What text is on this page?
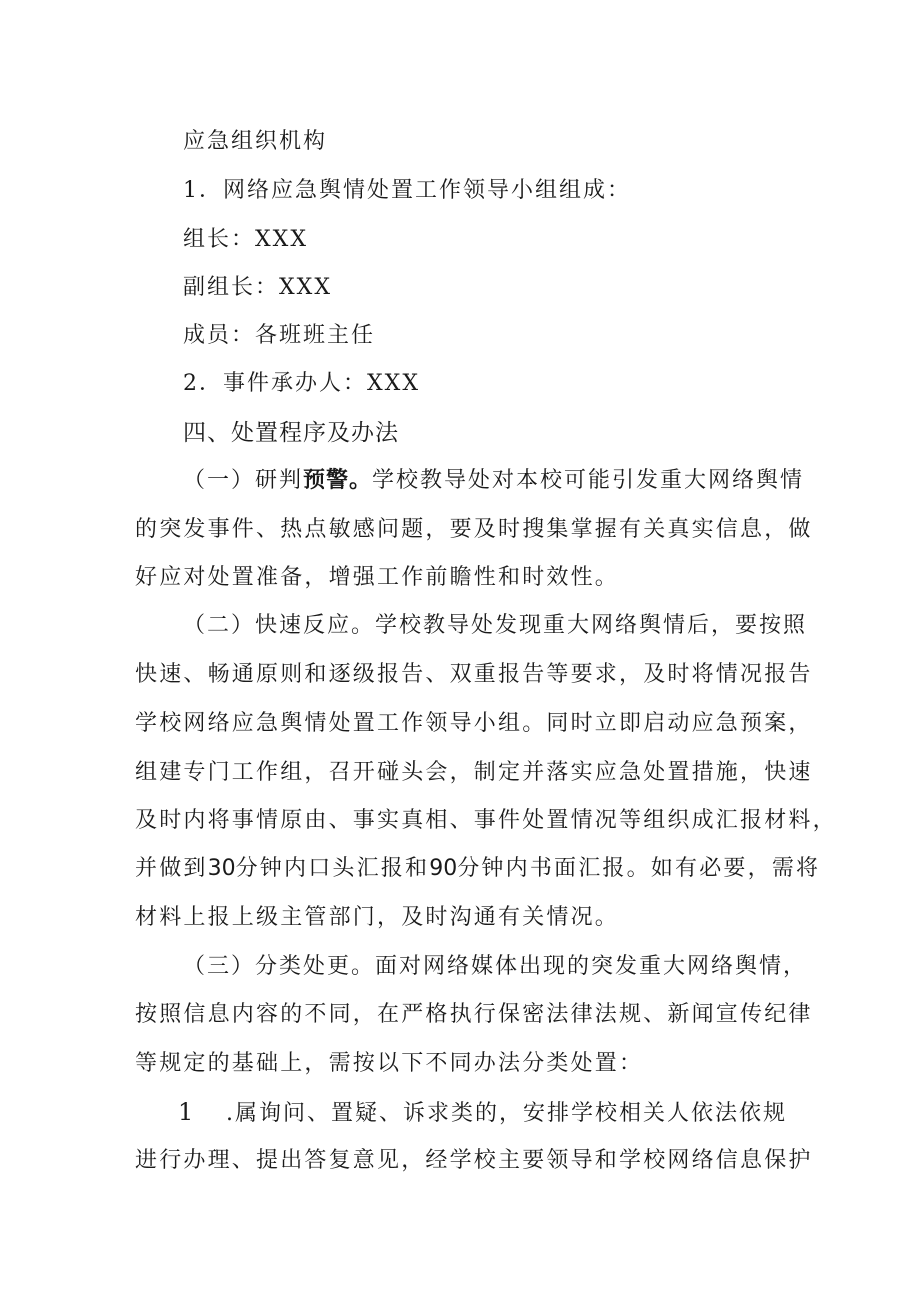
应急组织机构
1．网络应急舆情处置工作领导小组组成：
组长：XXX
副组长：XXX
成员：各班班主任
2．事件承办人：XXX
四、处置程序及办法
（一）研判预警。学校教导处对本校可能引发重大网络舆情
的突发事件、热点敏感问题，要及时搜集掌握有关真实信息，做
好应对处置准备，增强工作前瞻性和时效性。
（二）快速反应。学校教导处发现重大网络舆情后，要按照
快速、畅通原则和逐级报告、双重报告等要求，及时将情况报告
学校网络应急舆情处置工作领导小组。同时立即启动应急预案，
组建专门工作组，召开碰头会，制定并落实应急处置措施，快速
及时内将事情原由、事实真相、事件处置情况等组织成汇报材料，
并做到30分钟内口头汇报和90分钟内书面汇报。如有必要，需将
材料上报上级主管部门，及时沟通有关情况。
（三）分类处更。面对网络媒体出现的突发重大网络舆情，
按照信息内容的不同，在严格执行保密法律法规、新闻宣传纪律
等规定的基础上，需按以下不同办法分类处置：
1 .属询问、置疑、诉求类的，安排学校相关人依法依规
进行办理、提出答复意见，经学校主要领导和学校网络信息保护
